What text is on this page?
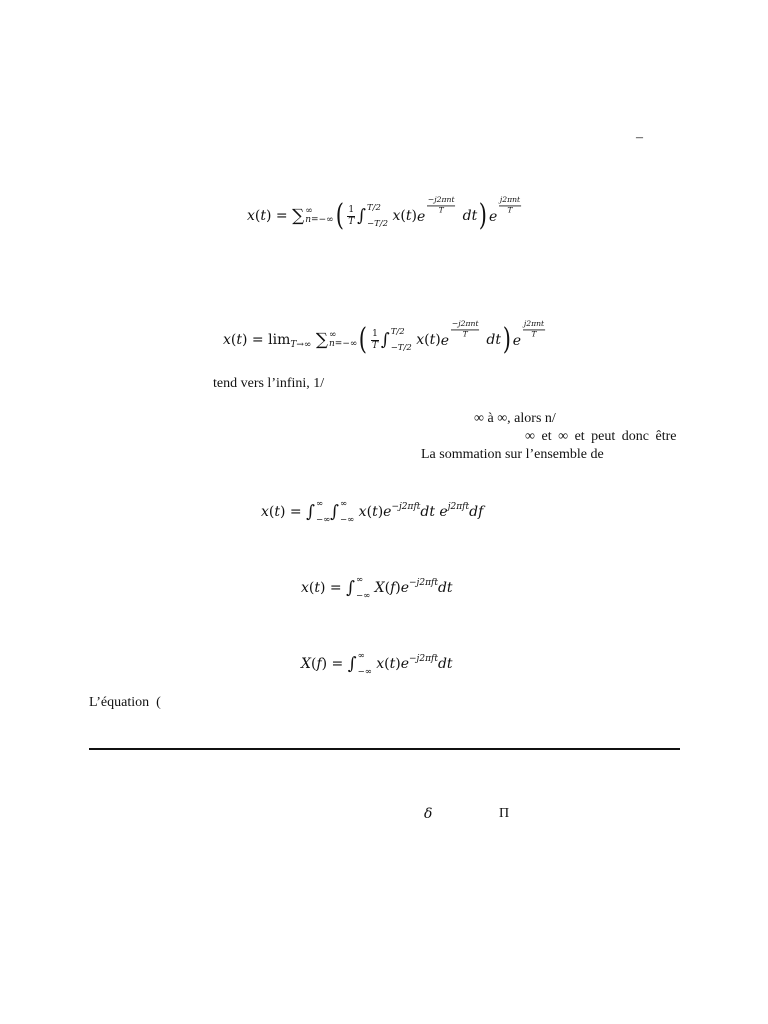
–
x ( t ) = ∑ ∞
n=−∞ ( $\frac{1}{T}$ ∫ T/2
−T/2 x ( t ) e
$\frac{\text{−j2πnt}}{T}$
dt ) e
$\frac{\text{j2πnt}}{T}$
x ( t ) = $\lim_{T\to\infty}$
∑ ∞
n=−∞ ( $\frac{1}{T}$ ∫ T/2
−T/2 x ( t ) e
$\frac{\text{−j2πnt}}{T}$
dt ) e
$\frac{\text{j2πnt}}{T}$
tend vers l’infini, 1/
∞ à ∞, alors n/
∞ et ∞ et peut donc être
La sommation sur l’ensemble de
x ( t ) = ∫ ∞
−∞ ∫ ∞
−∞ x ( t ) $e^{-j2\pi ft}$ dt $e^{j2\pi ft}$ df
x ( t ) = ∫ ∞
−∞ X ( f ) $e^{-j2\pi ft}$ dt
X ( f ) = ∫ ∞
−∞ x ( t ) $e^{-j2\pi ft}$ dt
L’équation  (
δ	Π
